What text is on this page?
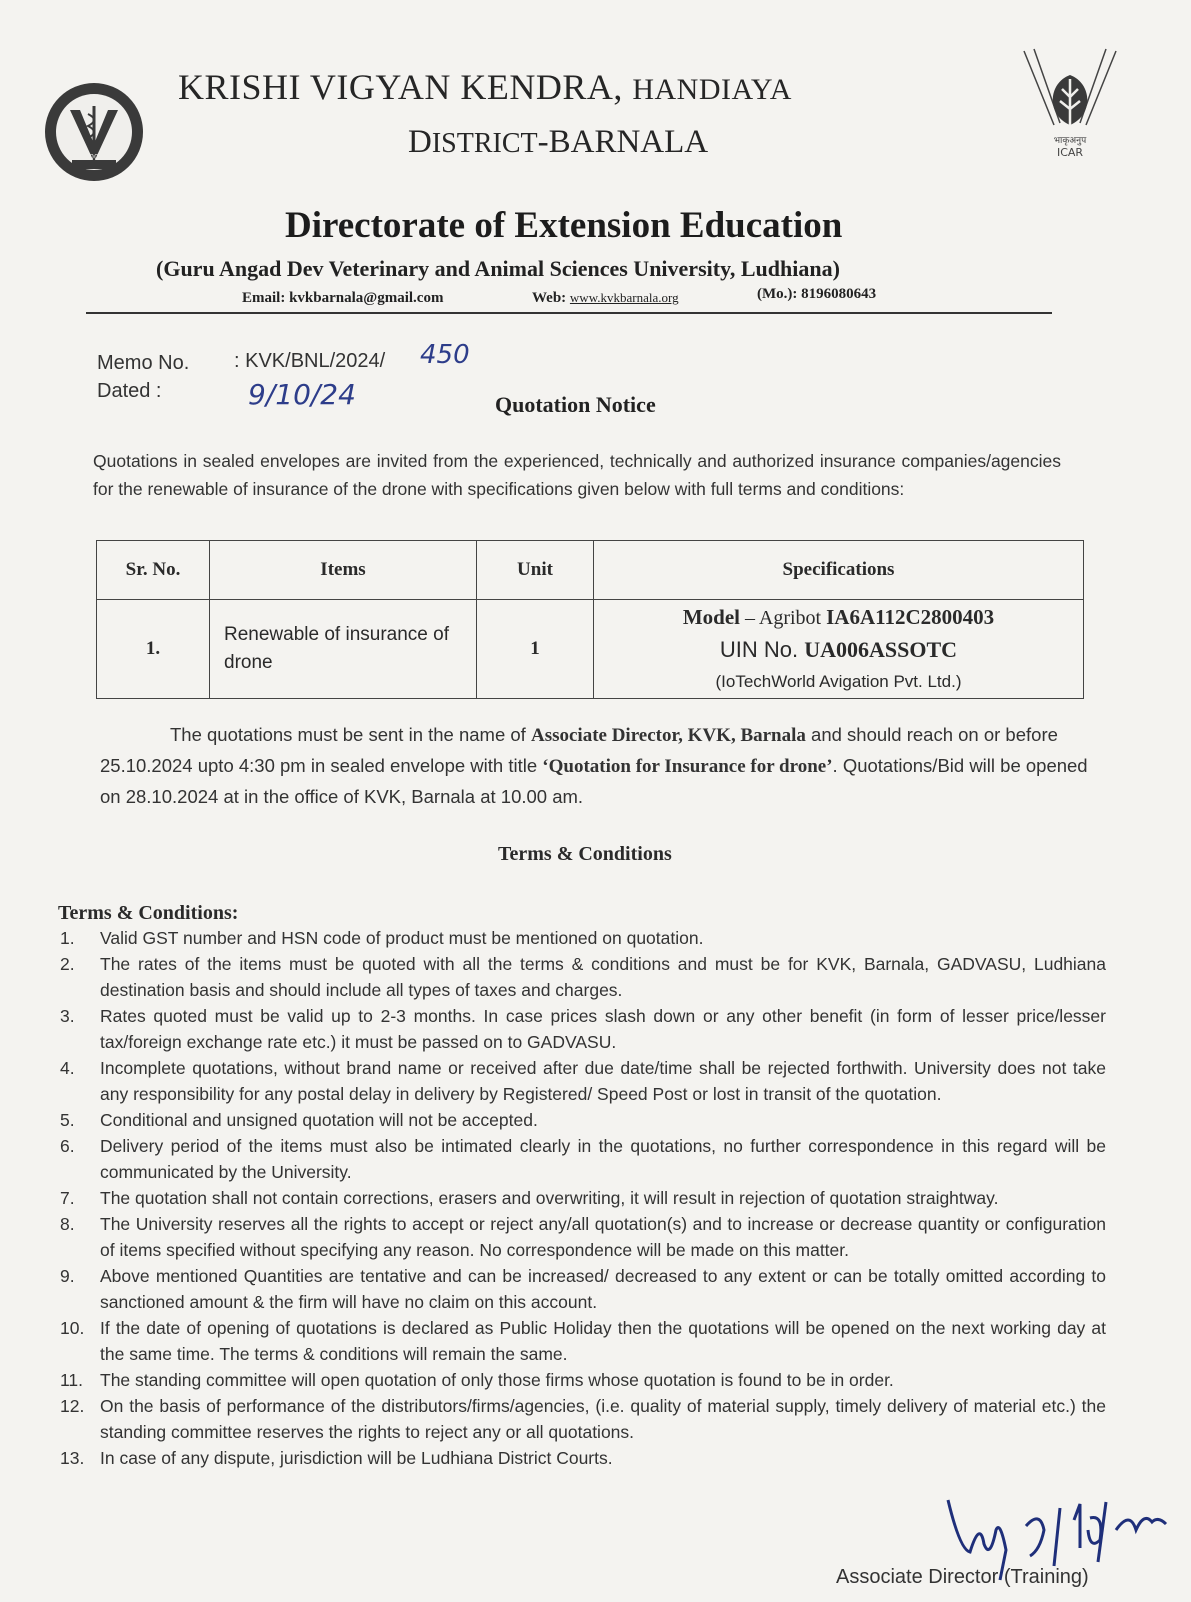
2006
भाकृअनुप
ICAR
KRISHI VIGYAN KENDRA, HANDIAYA
DISTRICT-BARNALA
Directorate of Extension Education
(Guru Angad Dev Veterinary and Animal Sciences University, Ludhiana)
Email: kvkbarnala@gmail.com	Web: www.kvkbarnala.org	(Mo.): 8196080643
Memo No. : KVK/BNL/2024/ 450
Dated :	9/10/24	Quotation Notice
Quotations in sealed envelopes are invited from the experienced, technically and authorized insurance companies/agencies for the renewable of insurance of the drone with specifications given below with full terms and conditions:
Sr. No.	Items	Unit	Specifications
1.	Renewable of insurance of drone	1	Model – Agribot IA6A112C2800403
UIN No. UA006ASSOTC
(IoTechWorld Avigation Pvt. Ltd.)
The quotations must be sent in the name of Associate Director, KVK, Barnala and should reach on or before 25.10.2024 upto 4:30 pm in sealed envelope with title ‘Quotation for Insurance for drone’. Quotations/Bid will be opened on 28.10.2024 at in the office of KVK, Barnala at 10.00 am.
Terms & Conditions
Terms & Conditions:
1.	Valid GST number and HSN code of product must be mentioned on quotation.
2.	The rates of the items must be quoted with all the terms & conditions and must be for KVK, Barnala, GADVASU, Ludhiana destination basis and should include all types of taxes and charges.
3.	Rates quoted must be valid up to 2-3 months. In case prices slash down or any other benefit (in form of lesser price/lesser tax/foreign exchange rate etc.) it must be passed on to GADVASU.
4.	Incomplete quotations, without brand name or received after due date/time shall be rejected forthwith. University does not take any responsibility for any postal delay in delivery by Registered/ Speed Post or lost in transit of the quotation.
5.	Conditional and unsigned quotation will not be accepted.
6.	Delivery period of the items must also be intimated clearly in the quotations, no further correspondence in this regard will be communicated by the University.
7.	The quotation shall not contain corrections, erasers and overwriting, it will result in rejection of quotation straightway.
8.	The University reserves all the rights to accept or reject any/all quotation(s) and to increase or decrease quantity or configuration of items specified without specifying any reason. No correspondence will be made on this matter.
9.	Above mentioned Quantities are tentative and can be increased/ decreased to any extent or can be totally omitted according to sanctioned amount & the firm will have no claim on this account.
10. If the date of opening of quotations is declared as Public Holiday then the quotations will be opened on the next working day at the same time. The terms & conditions will remain the same.
11. The standing committee will open quotation of only those firms whose quotation is found to be in order.
12. On the basis of performance of the distributors/firms/agencies, (i.e. quality of material supply, timely delivery of material etc.) the standing committee reserves the rights to reject any or all quotations.
13. In case of any dispute, jurisdiction will be Ludhiana District Courts.
Associate Director (Training)
